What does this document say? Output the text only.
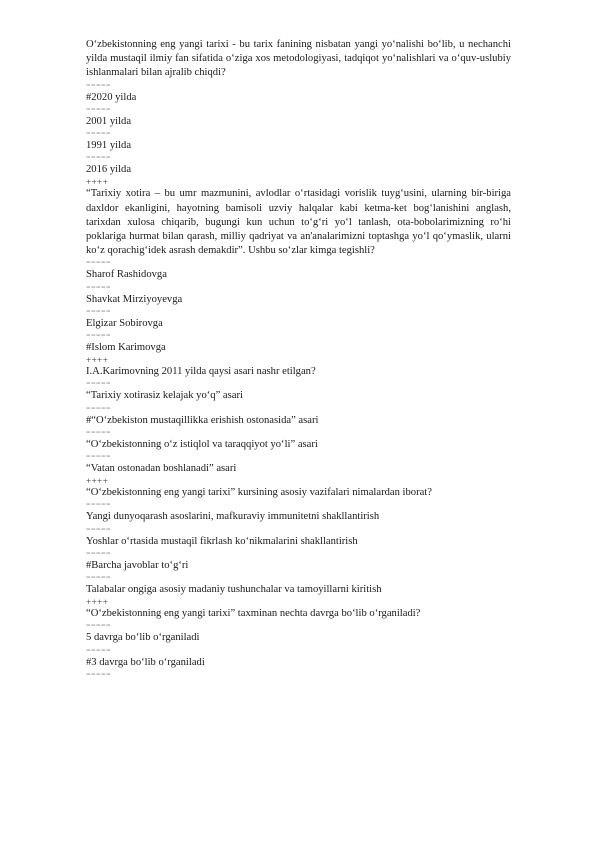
O‘zbekistonning eng yangi tarixi - bu tarix fanining nisbatan yangi yo‘nalishi bo‘lib, u nechanchi yilda mustaqil ilmiy fan sifatida o‘ziga xos metodologiyasi, tadqiqot yo‘nalishlari va o‘quv-uslubiy ishlanmalari bilan ajralib chiqdi?
=====
#2020 yilda
=====
2001 yilda
=====
1991 yilda
=====
2016 yilda
++++
“Tarixiy xotira – bu umr mazmunini, avlodlar o‘rtasidagi vorislik tuyg‘usini, ularning bir-biriga daxldor ekanligini, hayotning bamisoli uzviy halqalar kabi ketma-ket bog‘lanishini anglash, tarixdan xulosa chiqarib, bugungi kun uchun to‘g‘ri yo‘l tanlash, ota-bobolarimizning ro‘hi poklariga hurmat bilan qarash, milliy qadriyat va an'analarimizni toptashga yo‘l qo‘ymaslik, ularni ko‘z qorachig‘idek asrash demakdir”. Ushbu so‘zlar kimga tegishli?
=====
Sharof Rashidovga
=====
Shavkat Mirziyoyevga
=====
Elgizar Sobirovga
=====
#Islom Karimovga
++++
I.A.Karimovning 2011 yilda qaysi asari nashr etilgan?
=====
“Tarixiy xotirasiz kelajak yo‘q” asari
=====
#“O‘zbekiston mustaqillikka erishish ostonasida” asari
=====
“O‘zbekistonning o‘z istiqlol va taraqqiyot yo‘li” asari
=====
“Vatan ostonadan boshlanadi” asari
++++
“O‘zbekistonning eng yangi tarixi” kursining asosiy vazifalari nimalardan iborat?
=====
Yangi dunyoqarash asoslarini, mafkuraviy immunitetni shakllantirish
=====
Yoshlar o‘rtasida mustaqil fikrlash ko‘nikmalarini shakllantirish
=====
#Barcha javoblar to‘g‘ri
=====
Talabalar ongiga asosiy madaniy tushunchalar va tamoyillarni kiritish
++++
“O‘zbekistonning eng yangi tarixi” taxminan nechta davrga bo‘lib o‘rganiladi?
=====
5 davrga bo‘lib o‘rganiladi
=====
#3 davrga bo‘lib o‘rganiladi
=====
